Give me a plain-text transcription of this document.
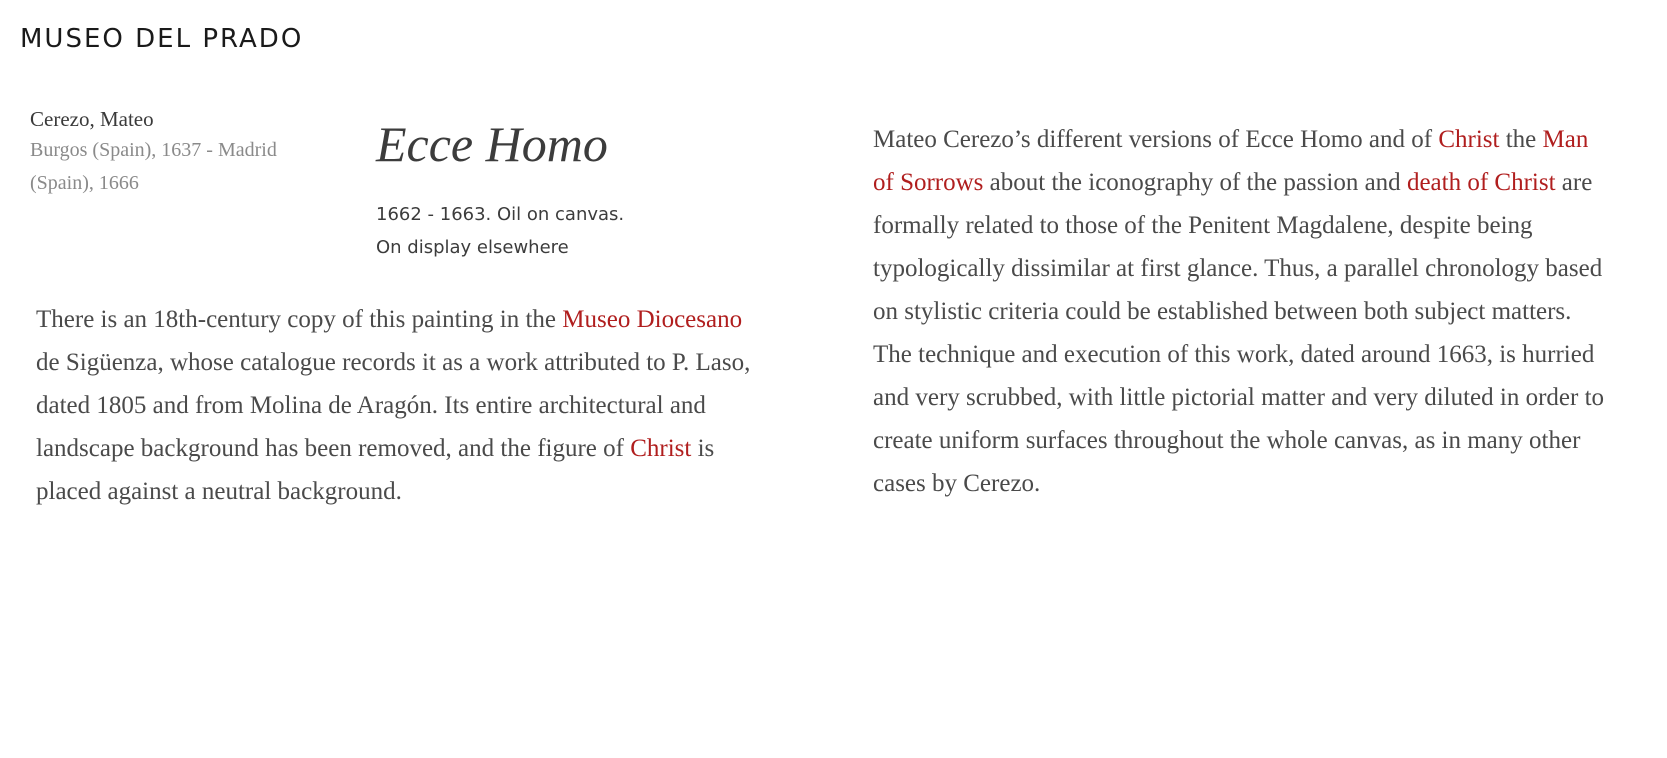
MUSEO DEL PRADO
Cerezo, Mateo
Burgos (Spain), 1637 - Madrid
(Spain), 1666
Ecce Homo
1662 - 1663. Oil on canvas.
On display elsewhere

There is an 18th-century copy of this painting in the Museo Diocesano de Sigüenza, whose catalogue records it as a work attributed to P. Laso, dated 1805 and from Molina de Aragón. Its entire architectural and landscape background has been removed, and the figure of Christ is placed against a neutral background.

Mateo Cerezo’s different versions of Ecce Homo and of Christ the Man of Sorrows about the iconography of the passion and death of Christ are formally related to those of the Penitent Magdalene, despite being typologically dissimilar at first glance. Thus, a parallel chronology based on stylistic criteria could be established between both subject matters.

The technique and execution of this work, dated around 1663, is hurried and very scrubbed, with little pictorial matter and very diluted in order to create uniform surfaces throughout the whole canvas, as in many other cases by Cerezo.
